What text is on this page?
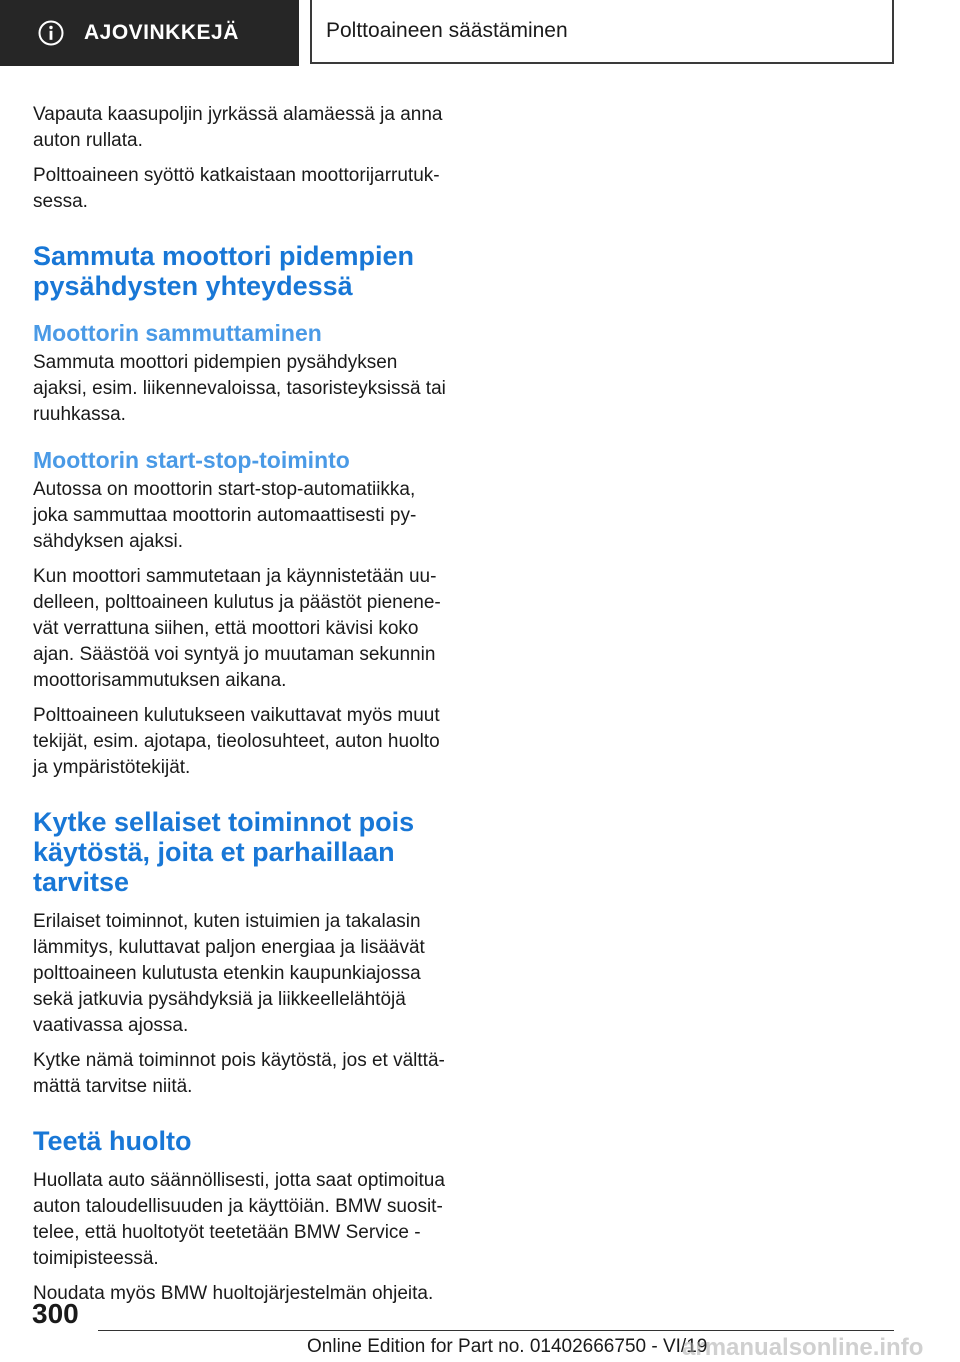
AJOVINKKEJÄ	Polttoaineen säästäminen

Vapauta kaasupoljin jyrkässä alamäessä ja anna auton rullata.

Polttoaineen syöttö katkaistaan moottorijarrutuksessa.

Sammuta moottori pidempien pysähdysten yhteydessä
Moottorin sammuttaminen

Sammuta moottori pidempien pysähdyksen ajaksi, esim. liikennevaloissa, tasoristeyksissä tai ruuhkassa.

Moottorin start-stop-toiminto

Autossa on moottorin start-stop-automatiikka, joka sammuttaa moottorin automaattisesti pysähdyksen ajaksi.

Kun moottori sammutetaan ja käynnistetään uudelleen, polttoaineen kulutus ja päästöt pienenevät verrattuna siihen, että moottori kävisi koko ajan. Säästöä voi syntyä jo muutaman sekunnin moottorisammutuksen aikana.

Polttoaineen kulutukseen vaikuttavat myös muut tekijät, esim. ajotapa, tieolosuhteet, auton huolto ja ympäristötekijät.

Kytke sellaiset toiminnot pois käytöstä, joita et parhaillaan tarvitse

Erilaiset toiminnot, kuten istuimien ja takalasin lämmitys, kuluttavat paljon energiaa ja lisäävät polttoaineen kulutusta etenkin kaupunkiajossa sekä jatkuvia pysähdyksiä ja liikkeellelähtöjä vaativassa ajossa.

Kytke nämä toiminnot pois käytöstä, jos et välttämättä tarvitse niitä.

Teetä huolto

Huollata auto säännöllisesti, jotta saat optimoitua auton taloudellisuuden ja käyttöiän. BMW suosittelee, että huoltotyöt teetetään BMW Service -toimipisteessä.

Noudata myös BMW huoltojärjestelmän ohjeita.

300
Online Edition for Part no. 01402666750 - VI/19
armanualsonline.info
